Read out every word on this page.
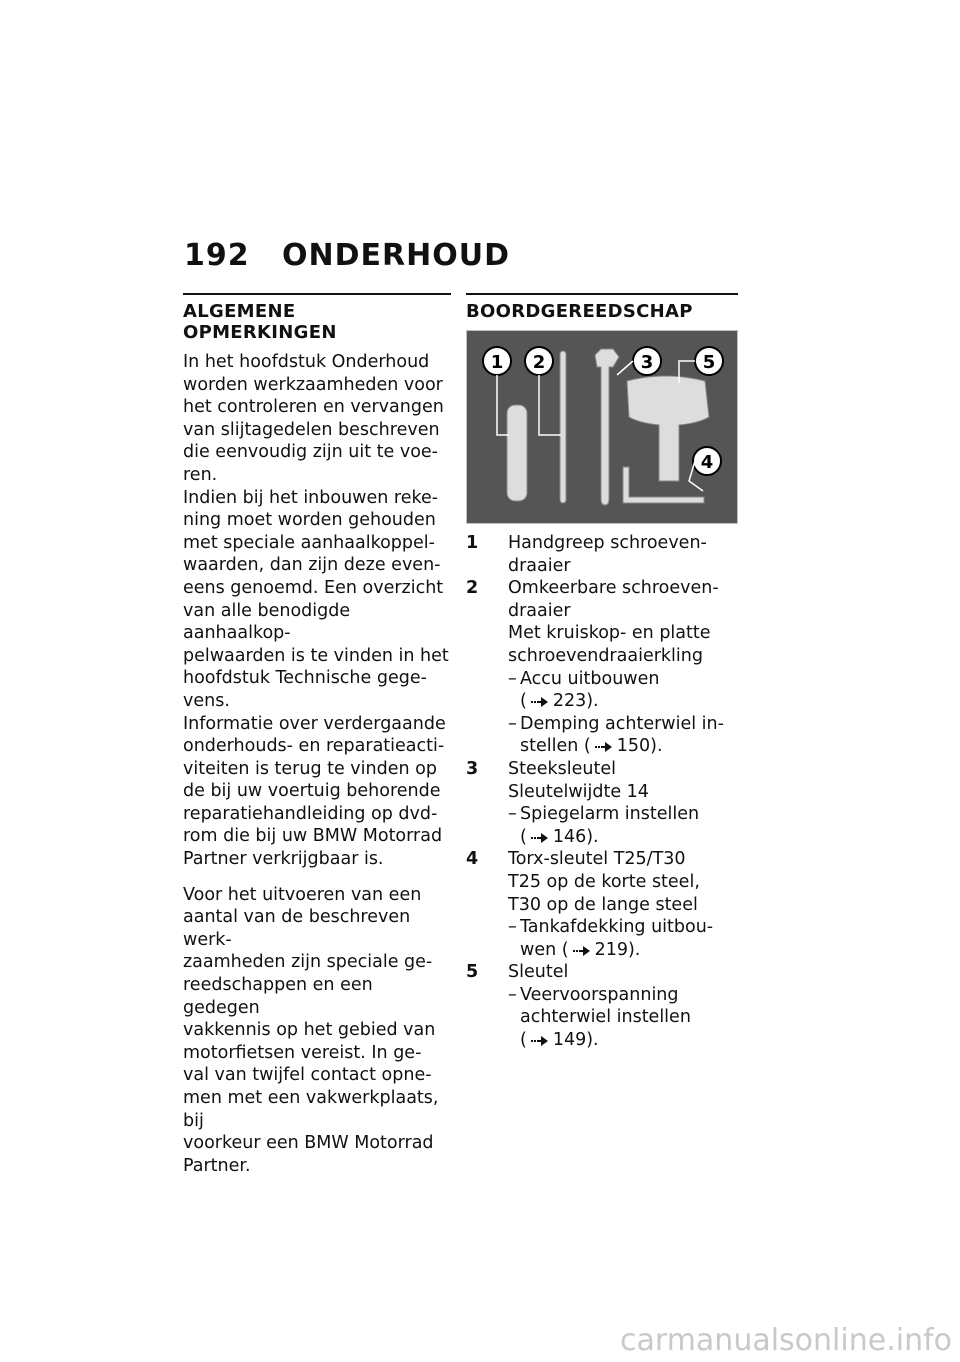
192 ONDERHOUD
ALGEMENE OPMERKINGEN

In het hoofdstuk Onderhoud
worden werkzaamheden voor
het controleren en vervangen
van slijtagedelen beschreven
die eenvoudig zijn uit te voe-
ren.

Indien bij het inbouwen reke-
ning moet worden gehouden
met speciale aanhaalkoppel-
waarden, dan zijn deze even-
eens genoemd. Een overzicht
van alle benodigde aanhaalkop-
pelwaarden is te vinden in het
hoofdstuk Technische gege-
vens.

Informatie over verdergaande
onderhouds- en reparatieacti-
viteiten is terug te vinden op
de bij uw voertuig behorende
reparatiehandleiding op dvd-
rom die bij uw BMW Motorrad
Partner verkrijgbaar is.

Voor het uitvoeren van een
aantal van de beschreven werk-
zaamheden zijn speciale ge-
reedschappen en een gedegen
vakkennis op het gebied van
motorfietsen vereist. In ge-
val van twijfel contact opne-
men met een vakwerkplaats, bij
voorkeur een BMW Motorrad
Partner.

BOORDGEREEDSCHAP
1 2	3	5
4
1 Handgreep schroeven-
draaier
2 Omkeerbare schroeven-
draaier
Met kruiskop- en platte
schroevendraaierkling
– Accu uitbouwen
( 223).
– Demping achterwiel in-
stellen ( 150).
3 Steeksleutel
Sleutelwijdte 14
– Spiegelarm instellen
( 146).
4 Torx-sleutel T25/T30
T25 op de korte steel,
T30 op de lange steel
– Tankafdekking uitbou-
wen ( 219).
5 Sleutel
– Veervoorspanning
achterwiel instellen
( 149).
carmanualsonline.info
